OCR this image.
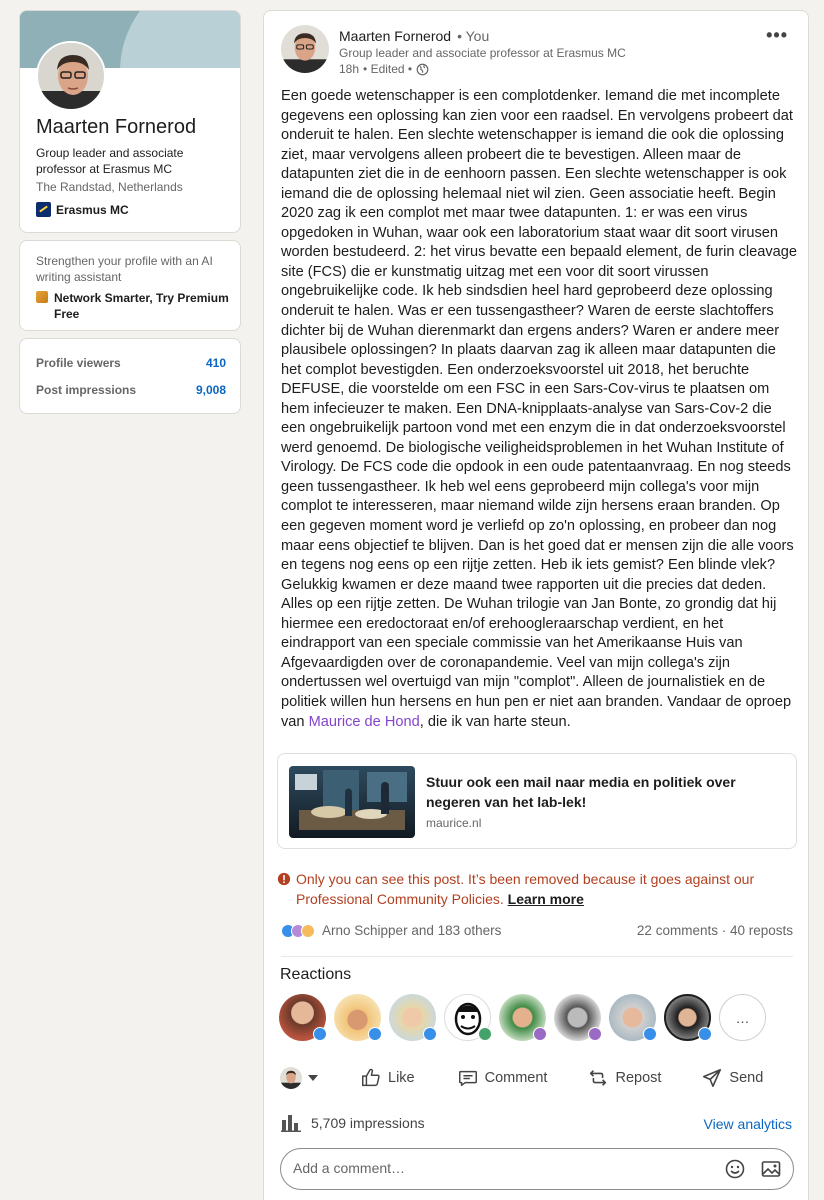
Maarten Fornerod
Group leader and associate professor at Erasmus MC
The Randstad, Netherlands
Erasmus MC
Strengthen your profile with an AI writing assistant
Network Smarter, Try Premium Free
Profile viewers	410
Post impressions	9,008
Maarten Fornerod • You
Group leader and associate professor at Erasmus MC
18h • Edited •
•••
Een goede wetenschapper is een complotdenker. Iemand die met incomplete gegevens een oplossing kan zien voor een raadsel. En vervolgens probeert dat onderuit te halen. Een slechte wetenschapper is iemand die ook die oplossing ziet, maar vervolgens alleen probeert die te bevestigen. Alleen maar de datapunten ziet die in de eenhoorn passen. Een slechte wetenschapper is ook iemand die de oplossing helemaal niet wil zien. Geen associatie heeft. Begin 2020 zag ik een complot met maar twee datapunten. 1: er was een virus opgedoken in Wuhan, waar ook een laboratorium staat waar dit soort virusen worden bestudeerd. 2: het virus bevatte een bepaald element, de furin cleavage site (FCS) die er kunstmatig uitzag met een voor dit soort virussen ongebruikelijke code. Ik heb sindsdien heel hard geprobeerd deze oplossing onderuit te halen. Was er een tussengastheer? Waren de eerste slachtoffers dichter bij de Wuhan dierenmarkt dan ergens anders? Waren er andere meer plausibele oplossingen? In plaats daarvan zag ik alleen maar datapunten die het complot bevestigden. Een onderzoeksvoorstel uit 2018, het beruchte DEFUSE, die voorstelde om een FSC in een Sars-Cov-virus te plaatsen om hem infecieuzer te maken. Een DNA-knipplaats-analyse van Sars-Cov-2 die een ongebruikelijk partoon vond met een enzym die in dat onderzoeksvoorstel werd genoemd. De biologische veiligheidsproblemen in het Wuhan Institute of Virology. De FCS code die opdook in een oude patentaanvraag. En nog steeds geen tussengastheer. Ik heb wel eens geprobeerd mijn collega's voor mijn complot te interesseren, maar niemand wilde zijn hersens eraan branden. Op een gegeven moment word je verliefd op zo'n oplossing, en probeer dan nog maar eens objectief te blijven. Dan is het goed dat er mensen zijn die alle voors en tegens nog eens op een rijtje zetten. Heb ik iets gemist? Een blinde vlek? Gelukkig kwamen er deze maand twee rapporten uit die precies dat deden. Alles op een rijtje zetten. De Wuhan trilogie van Jan Bonte, zo grondig dat hij hiermee een eredoctoraat en/of erehoogleraarschap verdient, en het eindrapport van een speciale commissie van het Amerikaanse Huis van Afgevaardigden over de coronapandemie. Veel van mijn collega's zijn ondertussen wel overtuigd van mijn "complot". Alleen de journalistiek en de politiek willen hun hersens en hun pen er niet aan branden. Vandaar de oproep van Maurice de Hond, die ik van harte steun.
Stuur ook een mail naar media en politiek over negeren van het lab-lek!
maurice.nl
Only you can see this post. It’s been removed because it goes against our Professional Community Policies. Learn more
Arno Schipper and 183 others	22 comments · 40 reposts
Reactions
…
Like	Comment	Repost	Send
5,709 impressions	View analytics
Add a comment…
